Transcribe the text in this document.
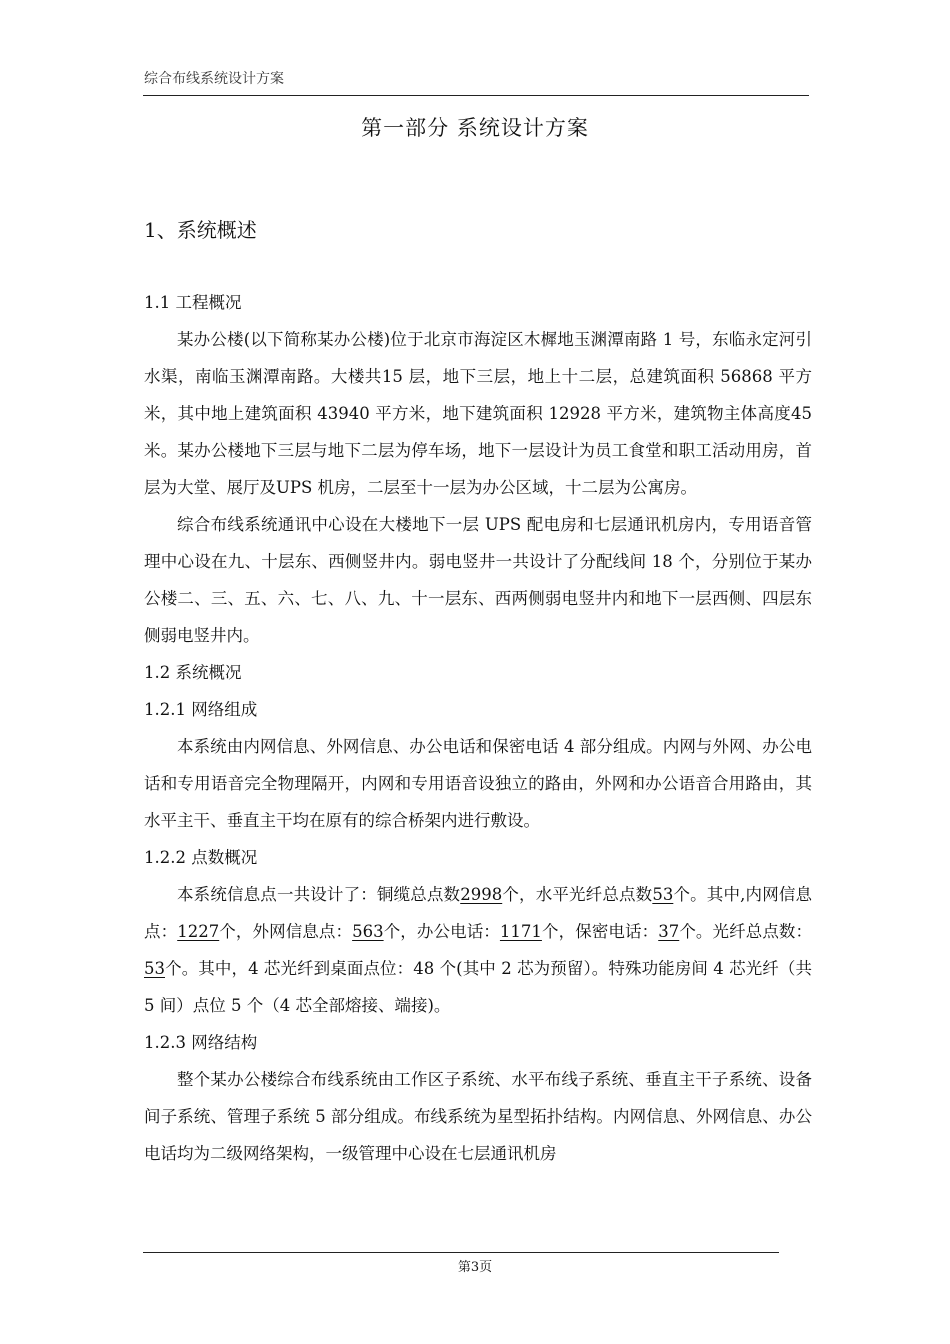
综合布线系统设计方案
第一部分 系统设计方案
1、系统概述

1.1 工程概况

某办公楼(以下简称某办公楼)位于北京市海淀区木樨地玉渊潭南路 1 号，东临永定河引水渠，南临玉渊潭南路。大楼共15 层，地下三层，地上十二层，总建筑面积 56868 平方米，其中地上建筑面积 43940 平方米，地下建筑面积 12928 平方米，建筑物主体高度45 米。某办公楼地下三层与地下二层为停车场，地下一层设计为员工食堂和职工活动用房，首层为大堂、展厅及UPS 机房，二层至十一层为办公区域，十二层为公寓房。

综合布线系统通讯中心设在大楼地下一层 UPS 配电房和七层通讯机房内，专用语音管理中心设在九、十层东、西侧竖井内。弱电竖井一共设计了分配线间 18 个，分别位于某办公楼二、三、五、六、七、八、九、十一层东、西两侧弱电竖井内和地下一层西侧、四层东侧弱电竖井内。

1.2 系统概况

1.2.1 网络组成

本系统由内网信息、外网信息、办公电话和保密电话 4 部分组成。内网与外网、办公电话和专用语音完全物理隔开，内网和专用语音设独立的路由，外网和办公语音合用路由，其水平主干、垂直主干均在原有的综合桥架内进行敷设。

1.2.2 点数概况

本系统信息点一共设计了：铜缆总点数2998个，水平光纤总点数53个。其中,内网信息点：1227个，外网信息点：563个，办公电话：1171个，保密电话：37个。光纤总点数：53个。其中，4 芯光纤到桌面点位：48 个(其中 2 芯为预留）。特殊功能房间 4 芯光纤（共 5 间）点位 5 个（4 芯全部熔接、端接)。

1.2.3 网络结构

整个某办公楼综合布线系统由工作区子系统、水平布线子系统、垂直主干子系统、设备间子系统、管理子系统 5 部分组成。布线系统为星型拓扑结构。内网信息、外网信息、办公电话均为二级网络架构，一级管理中心设在七层通讯机房

第3页
